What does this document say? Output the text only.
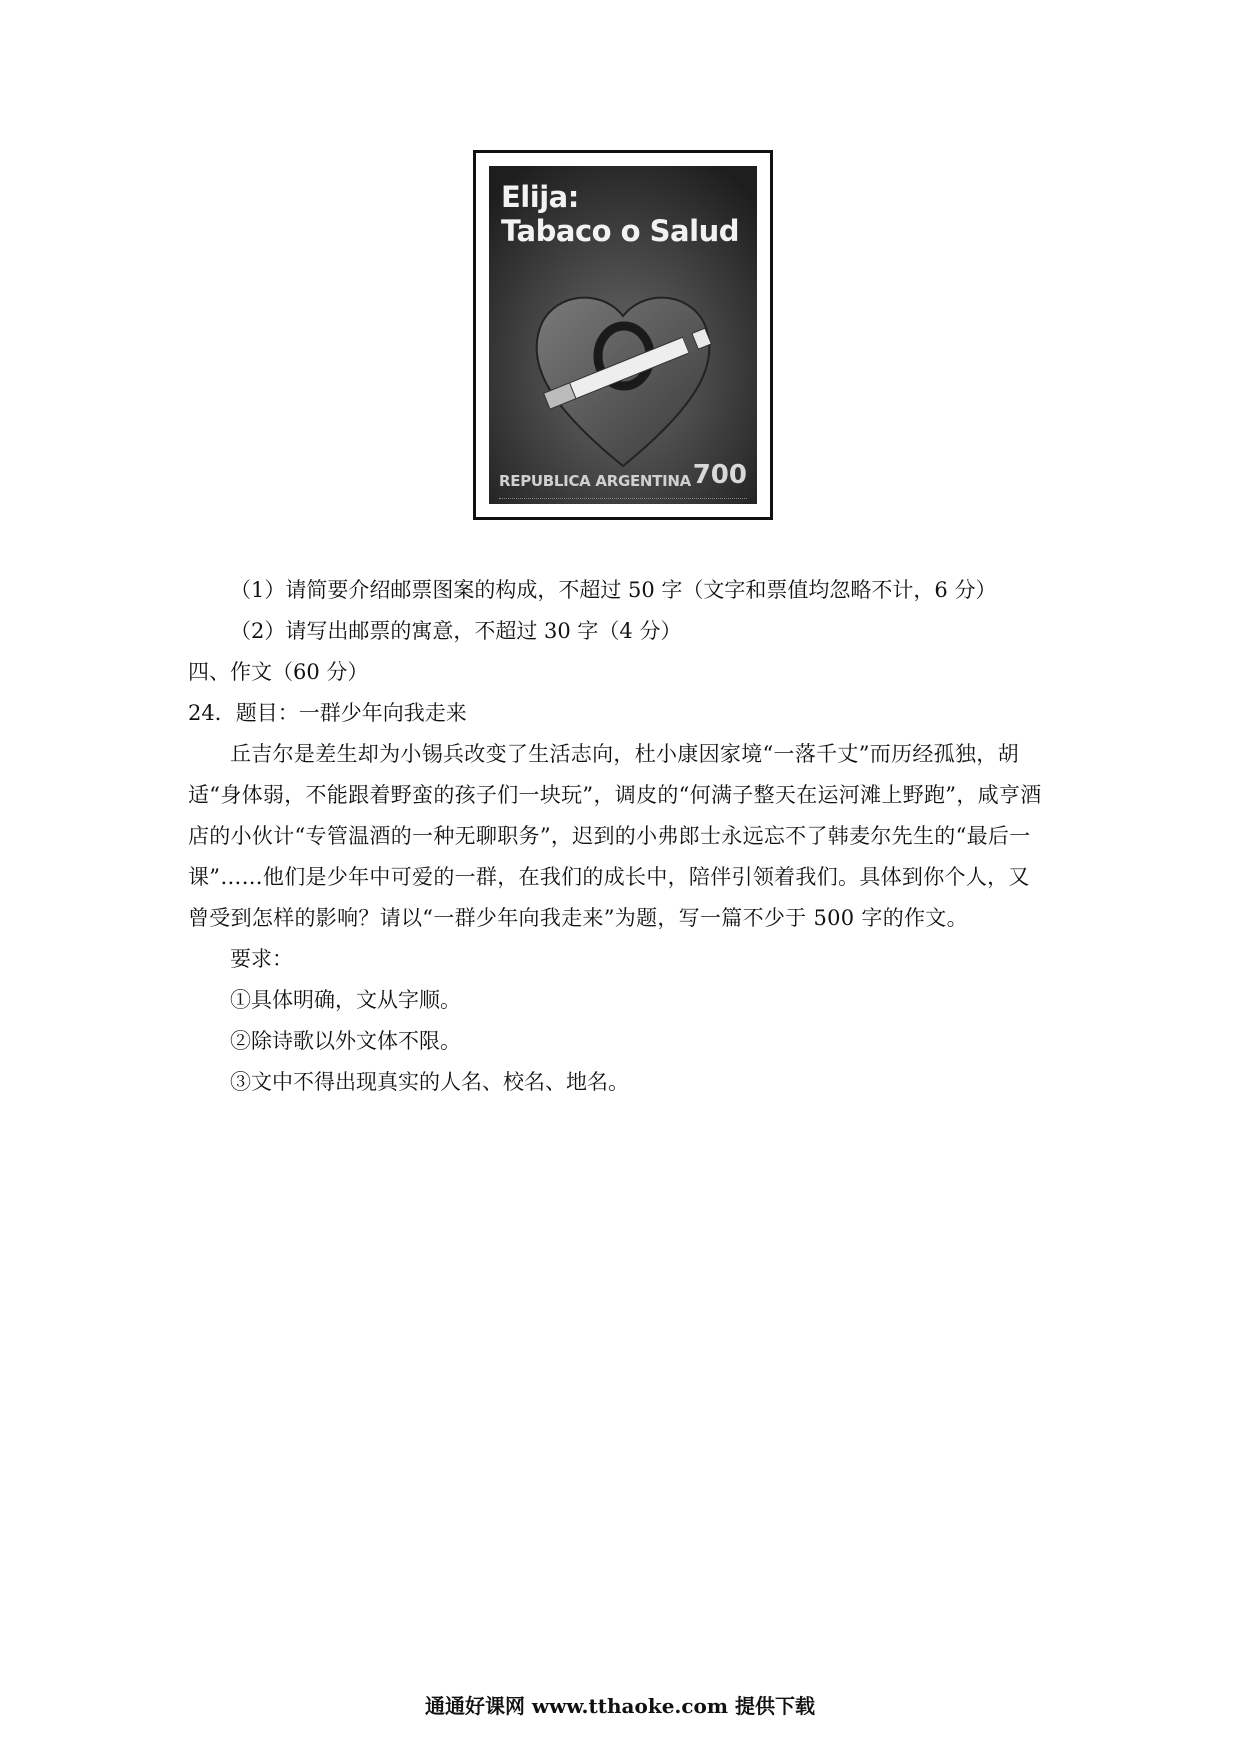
Elija:
Tabaco o Salud
REPUBLICA ARGENTINA 700
（1）请简要介绍邮票图案的构成，不超过 50 字（文字和票值均忽略不计，6 分）
（2）请写出邮票的寓意，不超过 30 字（4 分）
四、作文（60 分）
24．题目：一群少年向我走来
丘吉尔是差生却为小锡兵改变了生活志向，杜小康因家境“一落千丈”而历经孤独，胡适“身体弱，不能跟着野蛮的孩子们一块玩”，调皮的“何满子整天在运河滩上野跑”，咸亨酒店的小伙计“专管温酒的一种无聊职务”，迟到的小弗郎士永远忘不了韩麦尔先生的“最后一课”……他们是少年中可爱的一群，在我们的成长中，陪伴引领着我们。具体到你个人，又曾受到怎样的影响？请以“一群少年向我走来”为题，写一篇不少于 500 字的作文。
要求：
①具体明确，文从字顺。
②除诗歌以外文体不限。
③文中不得出现真实的人名、校名、地名。
通通好课网 www.tthaoke.com 提供下载
